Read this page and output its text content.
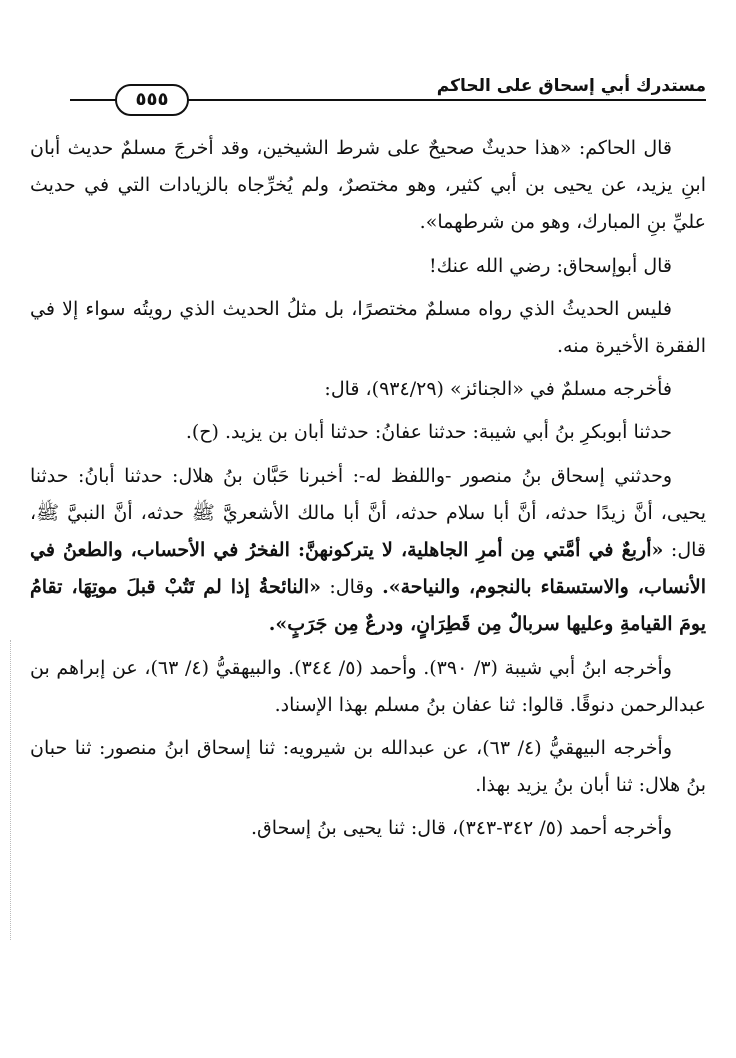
مستدرك أبي إسحاق على الحاكم
٥٥٥

قال الحاكم: «هذا حديثٌ صحيحٌ على شرط الشيخين، وقد أخرجَ مسلمٌ حديث أبان ابنِ يزيد، عن يحيى بن أبي كثير، وهو مختصرٌ، ولم يُخرِّجاه بالزيادات التي في حديث عليِّ بنِ المبارك، وهو من شرطهما».

قال أبوإسحاق: رضي الله عنك!

فليس الحديثُ الذي رواه مسلمٌ مختصرًا، بل مثلُ الحديث الذي رويتُه سواء إلا في الفقرة الأخيرة منه.

فأخرجه مسلمٌ في «الجنائز» (٩٣٤/٢٩)، قال:

حدثنا أبوبكرِ بنُ أبي شيبة: حدثنا عفانُ: حدثنا أبان بن يزيد. (ح).

وحدثني إسحاق بنُ منصور -واللفظ له-: أخبرنا حَبَّان بنُ هلال: حدثنا أبانُ: حدثنا يحيى، أنَّ زيدًا حدثه، أنَّ أبا سلام حدثه، أنَّ أبا مالك الأشعريَّ ﷺ حدثه، أنَّ النبيَّ ﷺ، قال: «أربعٌ في أمَّتي مِن أمرِ الجاهلية، لا يتركونهنَّ: الفخرُ في الأحساب، والطعنُ في الأنساب، والاستسقاء بالنجوم، والنياحة». وقال: «النائحةُ إذا لم تَتُبْ قبلَ موتِهَا، تقامُ يومَ القيامةِ وعليها سربالٌ مِن قَطِرَانٍ، ودرعٌ مِن جَرَبٍ».

وأخرجه ابنُ أبي شيبة (٣/ ٣٩٠). وأحمد (٥/ ٣٤٤). والبيهقيُّ (٤/ ٦٣)، عن إبراهم بن عبدالرحمن دنوقًا. قالوا: ثنا عفان بنُ مسلم بهذا الإسناد.

وأخرجه البيهقيُّ (٤/ ٦٣)، عن عبدالله بن شيرويه: ثنا إسحاق ابنُ منصور: ثنا حبان بنُ هلال: ثنا أبان بنُ يزيد بهذا.

وأخرجه أحمد (٥/ ٣٤٢-٣٤٣)، قال: ثنا يحيى بنُ إسحاق.
